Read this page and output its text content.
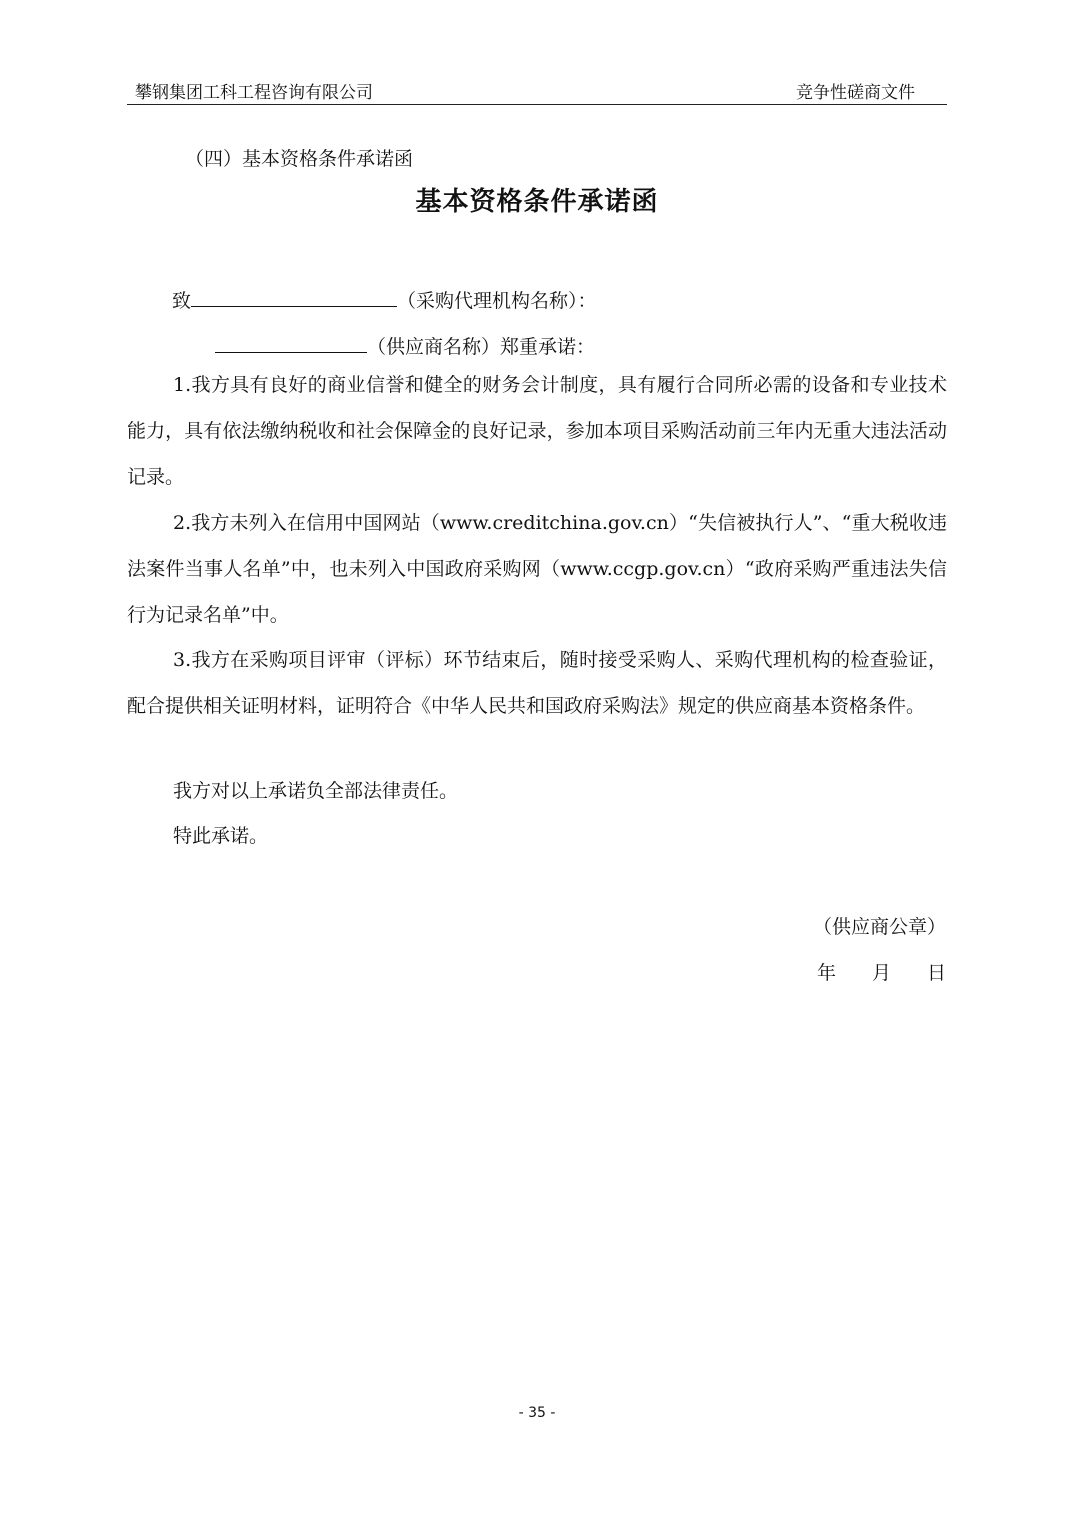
攀钢集团工科工程咨询有限公司	竞争性磋商文件
（四）基本资格条件承诺函
基本资格条件承诺函
致	（采购代理机构名称）：
（供应商名称）郑重承诺：

1.我方具有良好的商业信誉和健全的财务会计制度，具有履行合同所必需的设备和专业技术能力，具有依法缴纳税收和社会保障金的良好记录，参加本项目采购活动前三年内无重大违法活动记录。

2.我方未列入在信用中国网站（www.creditchina.gov.cn）“失信被执行人”、“重大税收违法案件当事人名单”中，也未列入中国政府采购网（www.ccgp.gov.cn）“政府采购严重违法失信行为记录名单”中。

3.我方在采购项目评审（评标）环节结束后，随时接受采购人、采购代理机构的检查验证，配合提供相关证明材料，证明符合《中华人民共和国政府采购法》规定的供应商基本资格条件。

我方对以上承诺负全部法律责任。

特此承诺。

（供应商公章）
年 月 日
- 35 -
